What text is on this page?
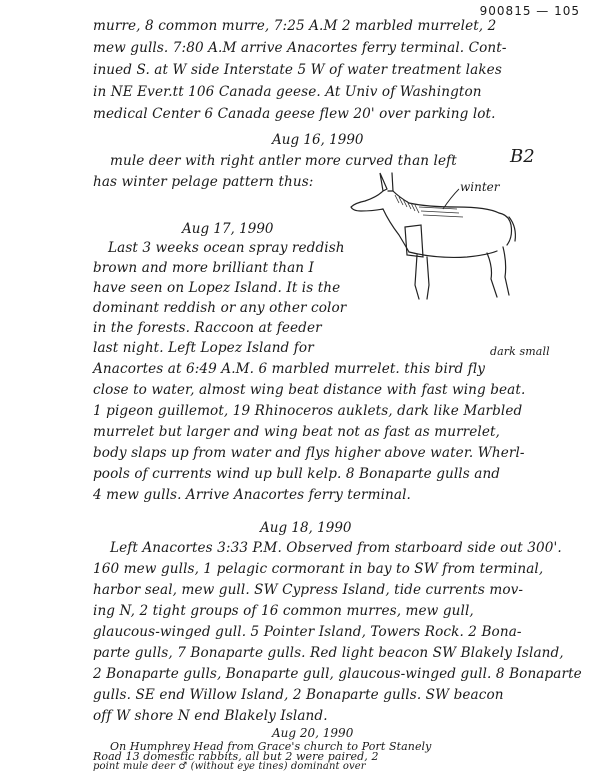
900815 — 105
murre, 8 common murre, 7:25 A.M 2 marbled murrelet, 2
mew gulls. 7:80 A.M arrive Anacortes ferry terminal. Cont-
inued S. at W side Interstate 5 W of water treatment lakes
in NE Ever.tt 106 Canada geese. At Univ of Washington
medical Center 6 Canada geese flew 20' over parking lot.
Aug 16, 1990
mule deer with right antler more curved than left
has winter pelage pattern thus:
B2
winter
Aug 17, 1990
Last 3 weeks ocean spray reddish
brown and more brilliant than I
have seen on Lopez Island. It is the
dominant reddish or any other color
in the forests. Raccoon at feeder
last night. Left Lopez Island for	dark small
Anacortes at 6:49 A.M. 6 marbled murrelet. this bird fly
close to water, almost wing beat distance with fast wing beat.
1 pigeon guillemot, 19 Rhinoceros auklets, dark like Marbled
murrelet but larger and wing beat not as fast as murrelet,
body slaps up from water and flys higher above water. Wherl-
pools of currents wind up bull kelp. 8 Bonaparte gulls and
4 mew gulls. Arrive Anacortes ferry terminal.
Aug 18, 1990
Left Anacortes 3:33 P.M. Observed from starboard side out 300'.
160 mew gulls, 1 pelagic cormorant in bay to SW from terminal,
harbor seal, mew gull. SW Cypress Island, tide currents mov-
ing N, 2 tight groups of 16 common murres, mew gull,
glaucous-winged gull. 5 Pointer Island, Towers Rock. 2 Bona-
parte gulls, 7 Bonaparte gulls. Red light beacon SW Blakely Island,
2 Bonaparte gulls, Bonaparte gull, glaucous-winged gull. 8 Bonaparte
gulls. SE end Willow Island, 2 Bonaparte gulls. SW beacon
off W shore N end Blakely Island.
Aug 20, 1990
On Humphrey Head from Grace's church to Port Stanely
Road 13 domestic rabbits, all but 2 were paired, 2
point mule deer ♂ (without eye tines) dominant over
